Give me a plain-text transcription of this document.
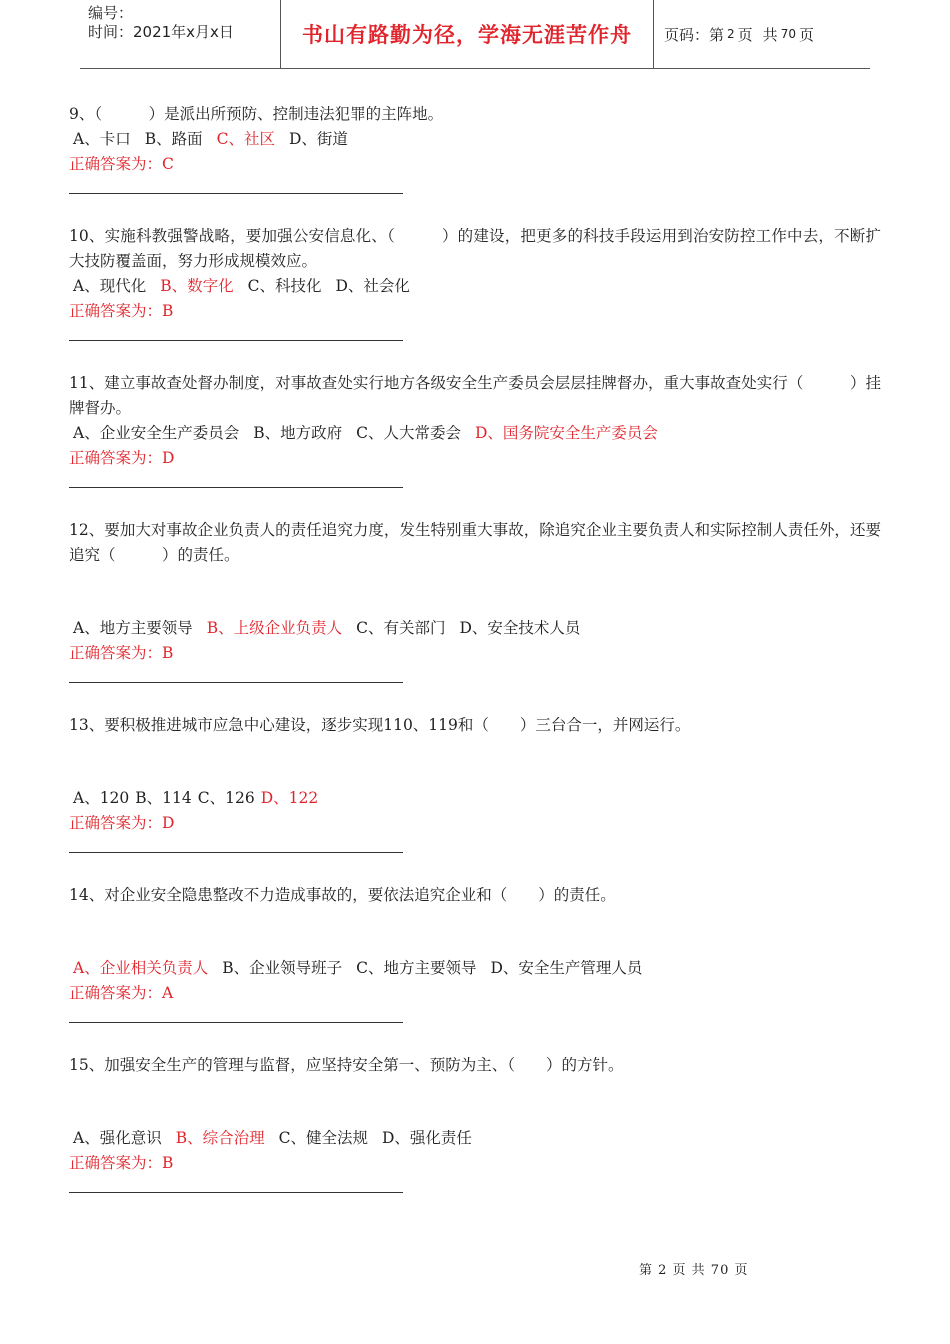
编号：
时间：2021年x月x日	书山有路勤为径，学海无涯苦作舟	页码：第 2 页 共 70 页
9、（　　　）是派出所预防、控制违法犯罪的主阵地。
A、卡口 B、路面 C、社区 D、街道
正确答案为：C
10、实施科教强警战略，要加强公安信息化、（　　　）的建设，把更多的科技手段运用到治安防控工作中去，不断扩大技防覆盖面，努力形成规模效应。
A、现代化 B、数字化 C、科技化 D、社会化
正确答案为：B
11、建立事故查处督办制度，对事故查处实行地方各级安全生产委员会层层挂牌督办，重大事故查处实行（　　　）挂牌督办。
A、企业安全生产委员会 B、地方政府 C、人大常委会 D、国务院安全生产委员会
正确答案为：D
12、要加大对事故企业负责人的责任追究力度，发生特别重大事故，除追究企业主要负责人和实际控制人责任外，还要追究（　　　）的责任。
A、地方主要领导 B、上级企业负责人 C、有关部门 D、安全技术人员
正确答案为：B
13、要积极推进城市应急中心建设，逐步实现110、119和（　　）三台合一，并网运行。
A、120 B、114 C、126 D、122
正确答案为：D
14、对企业安全隐患整改不力造成事故的，要依法追究企业和（　　）的责任。
A、企业相关负责人 B、企业领导班子 C、地方主要领导 D、安全生产管理人员
正确答案为：A
15、加强安全生产的管理与监督，应坚持安全第一、预防为主、（　　）的方针。
A、强化意识 B、综合治理 C、健全法规 D、强化责任
正确答案为：B
第 2 页 共 70 页
